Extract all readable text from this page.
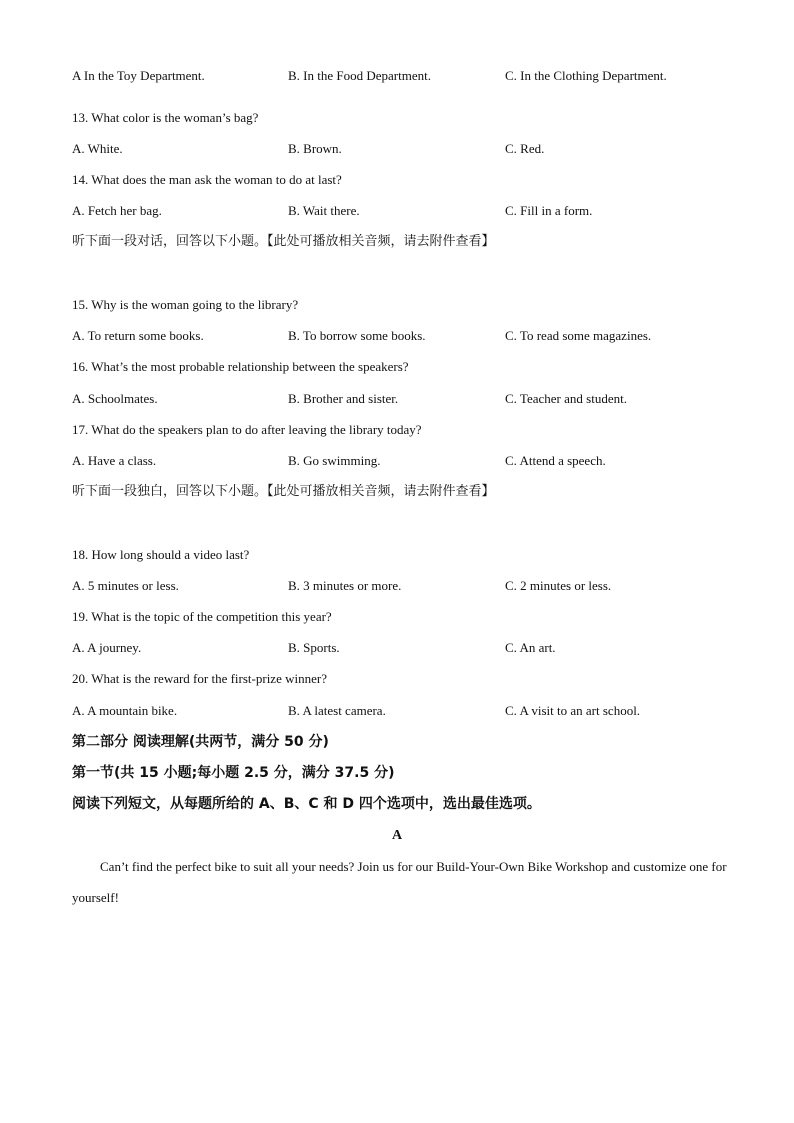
A In the Toy Department.	B. In the Food Department.	C. In the Clothing Department.
13. What color is the woman’s bag?
A. White.	B. Brown.	C. Red.
14. What does the man ask the woman to do at last?
A. Fetch her bag.	B. Wait there.	C. Fill in a form.
听下面一段对话，回答以下小题。【此处可播放相关音频，请去附件查看】
15. Why is the woman going to the library?
A. To return some books.	B. To borrow some books.	C. To read some magazines.
16. What’s the most probable relationship between the speakers?
A. Schoolmates.	B. Brother and sister.	C. Teacher and student.
17. What do the speakers plan to do after leaving the library today?
A. Have a class.	B. Go swimming.	C. Attend a speech.
听下面一段独白，回答以下小题。【此处可播放相关音频，请去附件查看】
18. How long should a video last?
A. 5 minutes or less.	B. 3 minutes or more.	C. 2 minutes or less.
19. What is the topic of the competition this year?
A. A journey.	B. Sports.	C. An art.
20. What is the reward for the first-prize winner?
A. A mountain bike.	B. A latest camera.	C. A visit to an art school.
第二部分 阅读理解(共两节，满分 50 分)
第一节(共 15 小题;每小题 2.5 分，满分 37.5 分)
阅读下列短文，从每题所给的 A、B、C 和 D 四个选项中，选出最佳选项。
A
Can’t find the perfect bike to suit all your needs? Join us for our Build-Your-Own Bike Workshop and customize one for yourself!
